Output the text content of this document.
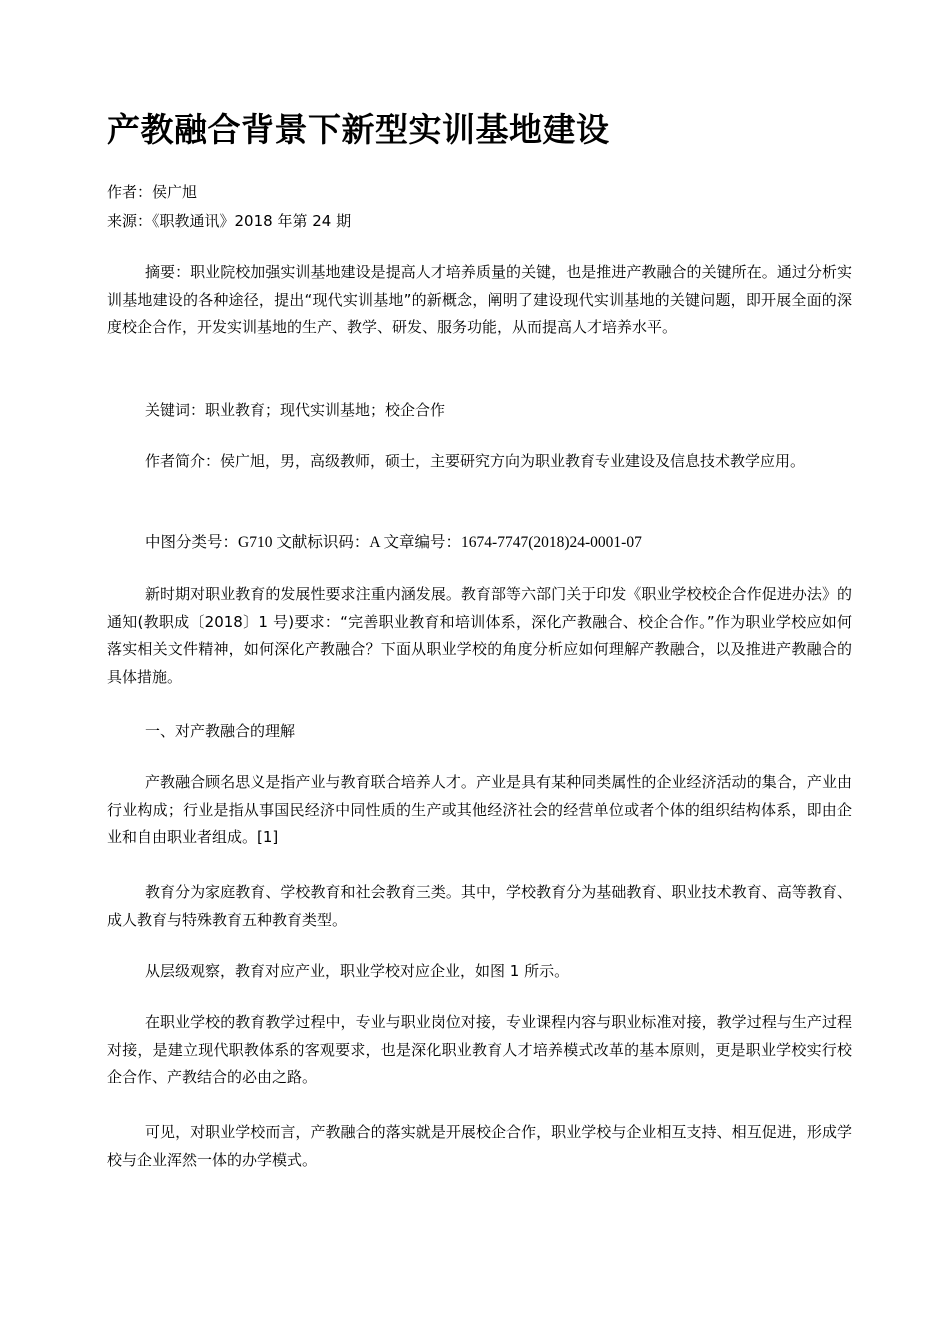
产教融合背景下新型实训基地建设
作者：侯广旭
来源：《职教通讯》2018 年第 24 期

摘要：职业院校加强实训基地建设是提高人才培养质量的关键，也是推进产教融合的关键所在。通过分析实训基地建设的各种途径，提出“现代实训基地”的新概念，阐明了建设现代实训基地的关键问题，即开展全面的深度校企合作，开发实训基地的生产、教学、研发、服务功能，从而提高人才培养水平。

关键词：职业教育；现代实训基地；校企合作

作者简介：侯广旭，男，高级教师，硕士，主要研究方向为职业教育专业建设及信息技术教学应用。

中图分类号：G710 文献标识码：A 文章编号：1674-7747(2018)24-0001-07

新时期对职业教育的发展性要求注重内涵发展。教育部等六部门关于印发《职业学校校企合作促进办法》的通知(教职成〔2018〕1 号)要求：“完善职业教育和培训体系，深化产教融合、校企合作。”作为职业学校应如何落实相关文件精神，如何深化产教融合？下面从职业学校的角度分析应如何理解产教融合，以及推进产教融合的具体措施。

一、对产教融合的理解

产教融合顾名思义是指产业与教育联合培养人才。产业是具有某种同类属性的企业经济活动的集合，产业由行业构成；行业是指从事国民经济中同性质的生产或其他经济社会的经营单位或者个体的组织结构体系，即由企业和自由职业者组成。[1]

教育分为家庭教育、学校教育和社会教育三类。其中，学校教育分为基础教育、职业技术教育、高等教育、成人教育与特殊教育五种教育类型。

从层级观察，教育对应产业，职业学校对应企业，如图 1 所示。

在职业学校的教育教学过程中，专业与职业岗位对接，专业课程内容与职业标准对接，教学过程与生产过程对接，是建立现代职教体系的客观要求，也是深化职业教育人才培养模式改革的基本原则，更是职业学校实行校企合作、产教结合的必由之路。

可见，对职业学校而言，产教融合的落实就是开展校企合作，职业学校与企业相互支持、相互促进，形成学校与企业浑然一体的办学模式。
